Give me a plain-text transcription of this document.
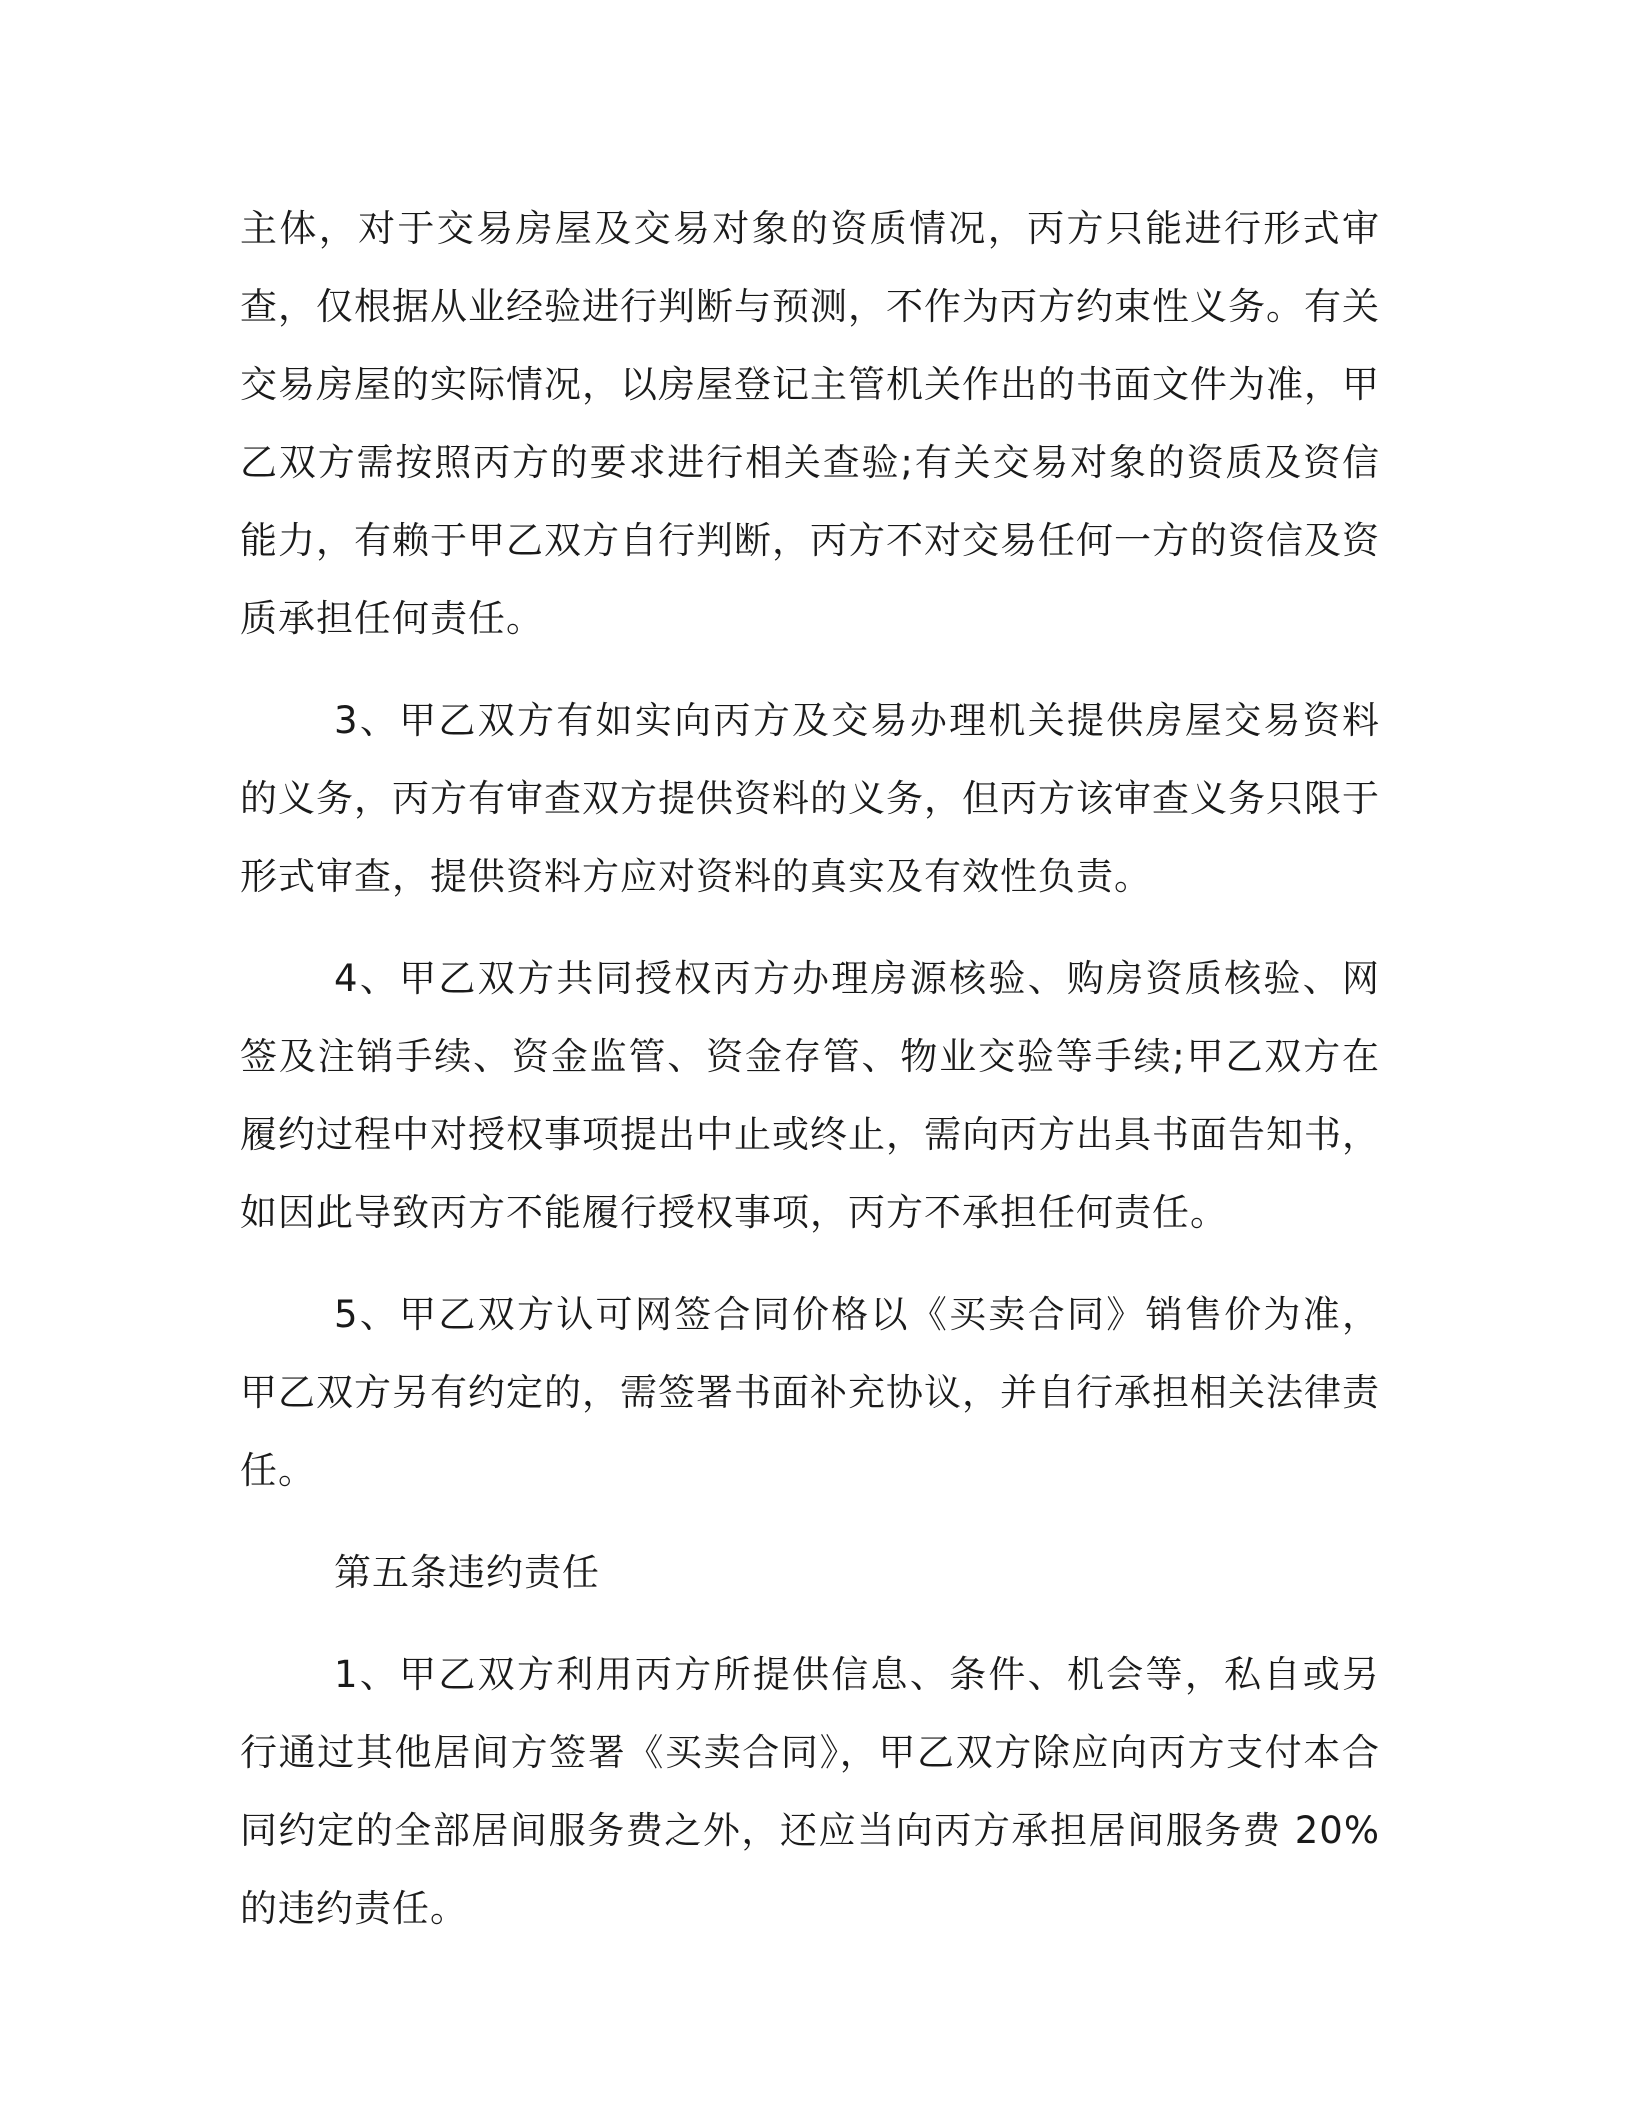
主体，对于交易房屋及交易对象的资质情况，丙方只能进行形式审查，仅根据从业经验进行判断与预测，不作为丙方约束性义务。有关交易房屋的实际情况，以房屋登记主管机关作出的书面文件为准，甲乙双方需按照丙方的要求进行相关查验;有关交易对象的资质及资信能力，有赖于甲乙双方自行判断，丙方不对交易任何一方的资信及资质承担任何责任。

3、甲乙双方有如实向丙方及交易办理机关提供房屋交易资料的义务，丙方有审查双方提供资料的义务，但丙方该审查义务只限于形式审查，提供资料方应对资料的真实及有效性负责。

4、甲乙双方共同授权丙方办理房源核验、购房资质核验、网签及注销手续、资金监管、资金存管、物业交验等手续;甲乙双方在履约过程中对授权事项提出中止或终止，需向丙方出具书面告知书，如因此导致丙方不能履行授权事项，丙方不承担任何责任。

5、甲乙双方认可网签合同价格以《买卖合同》销售价为准，甲乙双方另有约定的，需签署书面补充协议，并自行承担相关法律责任。

第五条违约责任

1、甲乙双方利用丙方所提供信息、条件、机会等，私自或另行通过其他居间方签署《买卖合同》，甲乙双方除应向丙方支付本合同约定的全部居间服务费之外，还应当向丙方承担居间服务费 20%的违约责任。
